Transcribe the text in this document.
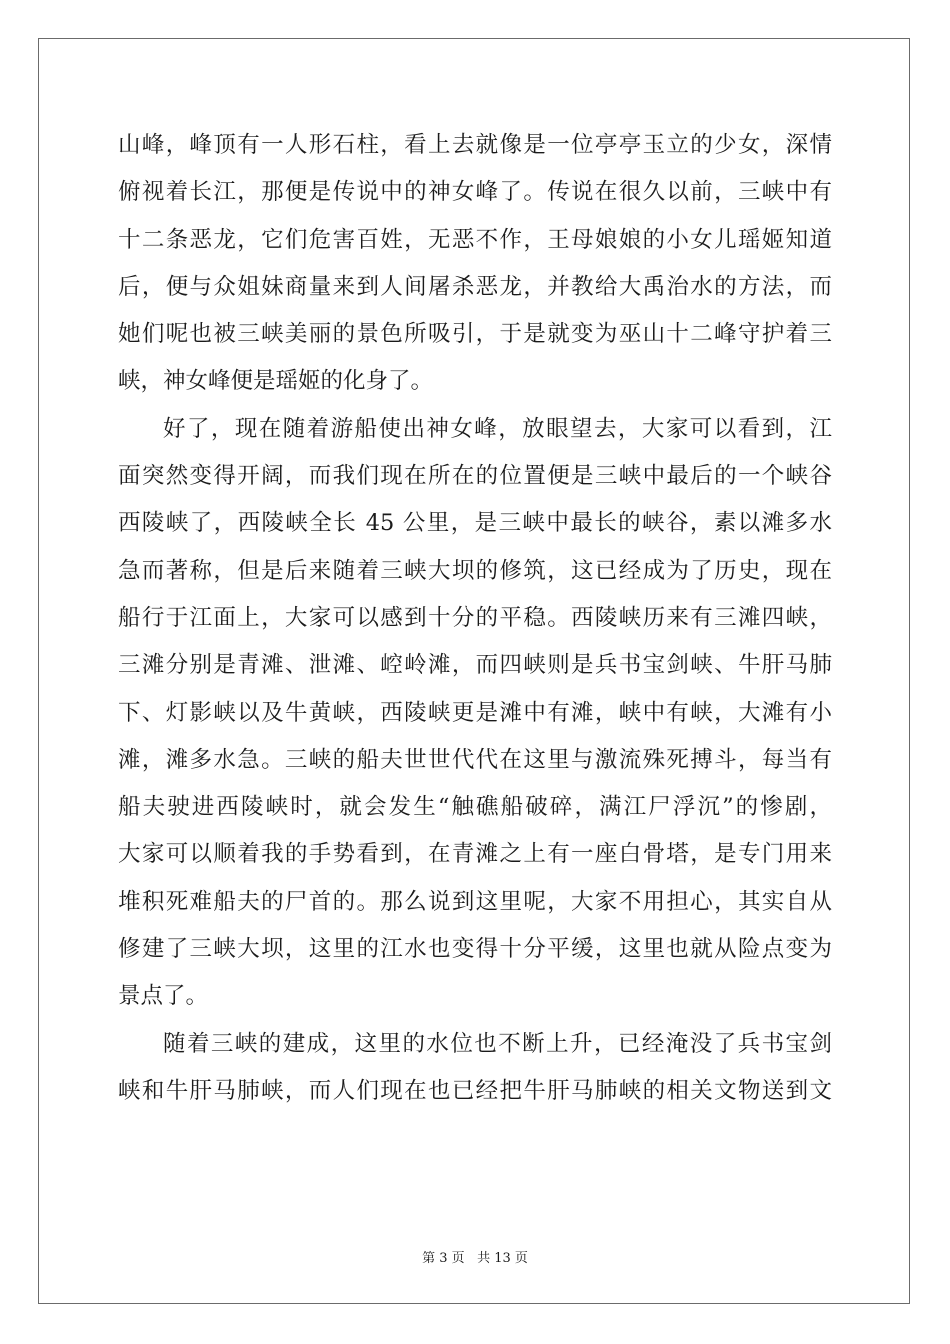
山峰，峰顶有一人形石柱，看上去就像是一位亭亭玉立的少女，深情
俯视着长江，那便是传说中的神女峰了。传说在很久以前，三峡中有
十二条恶龙，它们危害百姓，无恶不作，王母娘娘的小女儿瑶姬知道
后，便与众姐妹商量来到人间屠杀恶龙，并教给大禹治水的方法，而
她们呢也被三峡美丽的景色所吸引，于是就变为巫山十二峰守护着三
峡，神女峰便是瑶姬的化身了。
好了，现在随着游船使出神女峰，放眼望去，大家可以看到，江
面突然变得开阔，而我们现在所在的位置便是三峡中最后的一个峡谷
西陵峡了，西陵峡全长 45 公里，是三峡中最长的峡谷，素以滩多水
急而著称，但是后来随着三峡大坝的修筑，这已经成为了历史，现在
船行于江面上，大家可以感到十分的平稳。西陵峡历来有三滩四峡，
三滩分别是青滩、泄滩、崆岭滩，而四峡则是兵书宝剑峡、牛肝马肺
下、灯影峡以及牛黄峡，西陵峡更是滩中有滩，峡中有峡，大滩有小
滩，滩多水急。三峡的船夫世世代代在这里与激流殊死搏斗，每当有
船夫驶进西陵峡时，就会发生“触礁船破碎，满江尸浮沉”的惨剧，
大家可以顺着我的手势看到，在青滩之上有一座白骨塔，是专门用来
堆积死难船夫的尸首的。那么说到这里呢，大家不用担心，其实自从
修建了三峡大坝，这里的江水也变得十分平缓，这里也就从险点变为
景点了。
随着三峡的建成，这里的水位也不断上升，已经淹没了兵书宝剑
峡和牛肝马肺峡，而人们现在也已经把牛肝马肺峡的相关文物送到文
第 3 页 共 13 页
